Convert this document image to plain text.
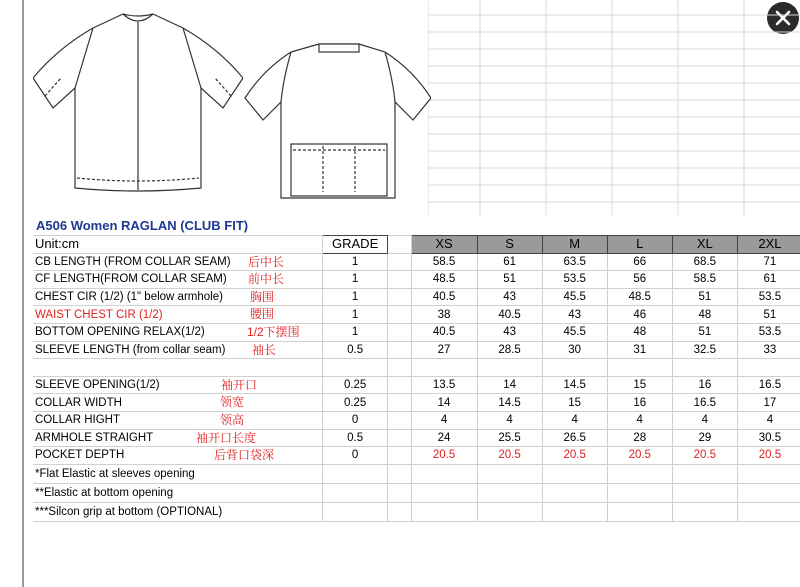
A506 Women RAGLAN (CLUB FIT)
Unit:cm	GRADE		XS	S	M	L	XL	2XL
CB LENGTH (FROM COLLAR SEAM) 后中长	1		58.5	61	63.5	66	68.5	71
CF LENGTH(FROM COLLAR SEAM) 前中长	1		48.5	51	53.5	56	58.5	61
CHEST CIR (1/2) (1" below armhole) 胸围	1		40.5	43	45.5	48.5	51	53.5
WAIST CHEST CIR (1/2) 腰围	1		38	40.5	43	46	48	51
BOTTOM OPENING RELAX(1/2) 1/2下摆围	1		40.5	43	45.5	48	51	53.5
SLEEVE LENGTH (from collar seam) 袖长	0.5		27	28.5	30	31	32.5	33

SLEEVE OPENING(1/2) 袖开口	0.25		13.5	14	14.5	15	16	16.5
COLLAR WIDTH 领宽	0.25		14	14.5	15	16	16.5	17
COLLAR HIGHT 领高	0		4	4	4	4	4	4
ARMHOLE STRAIGHT 袖开口长度	0.5		24	25.5	26.5	28	29	30.5
POCKET DEPTH 后背口袋深	0		20.5	20.5	20.5	20.5	20.5	20.5
*Flat Elastic at sleeves opening								
**Elastic at bottom opening								
***Silcon grip at bottom (OPTIONAL)								
